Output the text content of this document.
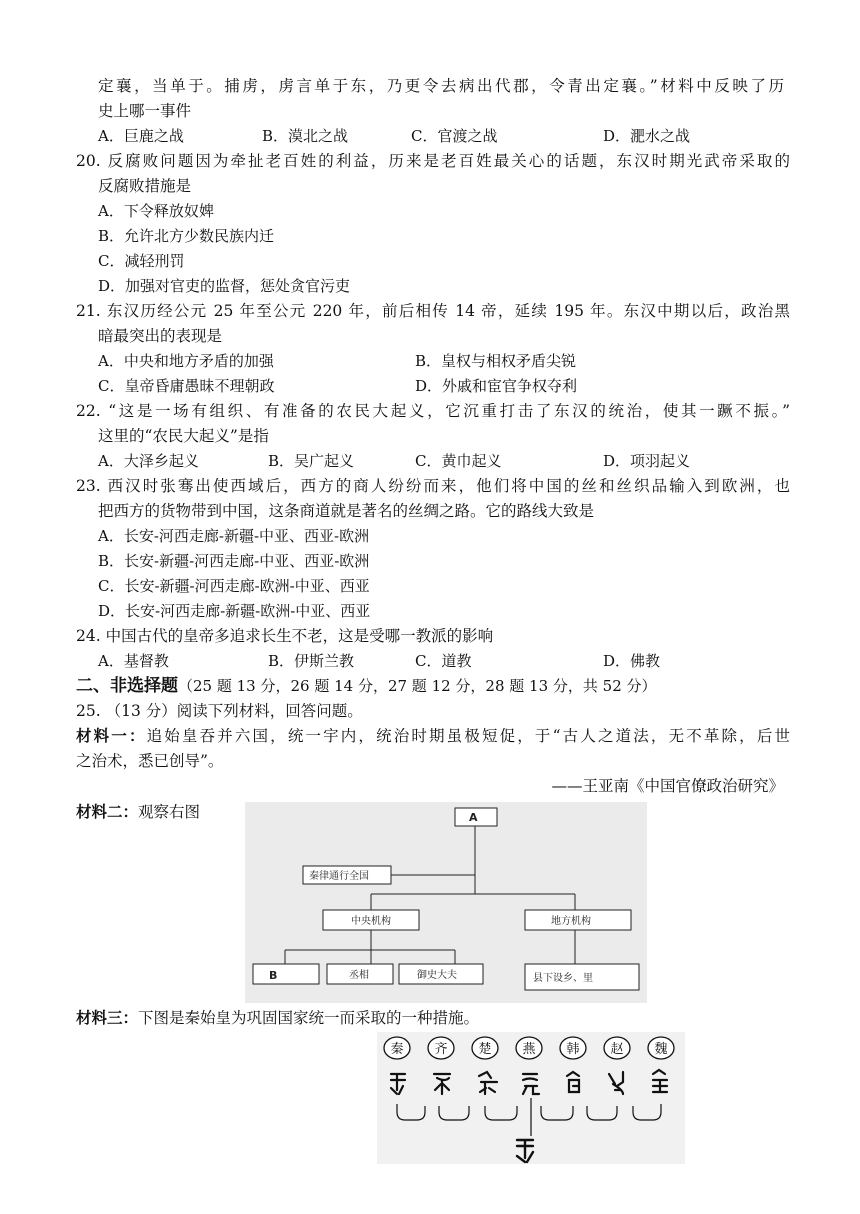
定襄，当单于。捕虏，虏言单于东，乃更令去病出代郡，令青出定襄。”材料中反映了历
史上哪一事件
A．巨鹿之战	B．漠北之战	C．官渡之战	D．淝水之战
20. 反腐败问题因为牵扯老百姓的利益，历来是老百姓最关心的话题，东汉时期光武帝采取的
反腐败措施是
A．下令释放奴婢
B．允许北方少数民族内迁
C．减轻刑罚
D．加强对官吏的监督，惩处贪官污吏
21. 东汉历经公元 25 年至公元 220 年，前后相传 14 帝，延续 195 年。东汉中期以后，政治黑
暗最突出的表现是
A．中央和地方矛盾的加强	B．皇权与相权矛盾尖锐
C．皇帝昏庸愚昧不理朝政	D．外戚和宦官争权夺利
22. “这是一场有组织、有准备的农民大起义，它沉重打击了东汉的统治，使其一蹶不振。”
这里的“农民大起义”是指
A．大泽乡起义	B．吴广起义	C．黄巾起义	D．项羽起义
23. 西汉时张骞出使西域后，西方的商人纷纷而来，他们将中国的丝和丝织品输入到欧洲，也
把西方的货物带到中国，这条商道就是著名的丝绸之路。它的路线大致是
A．长安-河西走廊-新疆-中亚、西亚-欧洲
B．长安-新疆-河西走廊-中亚、西亚-欧洲
C．长安-新疆-河西走廊-欧洲-中亚、西亚
D．长安-河西走廊-新疆-欧洲-中亚、西亚
24. 中国古代的皇帝多追求长生不老，这是受哪一教派的影响
A．基督教	B．伊斯兰教	C．道教	D．佛教
二、非选择题（25 题 13 分，26 题 14 分，27 题 12 分，28 题 13 分，共 52 分）
25. （13 分）阅读下列材料，回答问题。
材料一：追始皇吞并六国，统一宇内，统治时期虽极短促，于“古人之道法，无不革除，后世
之治术，悉已创导”。
——王亚南《中国官僚政治研究》
材料二：观察右图	A
秦律通行全国
中央机构	地方机构
B	丞相	御史大夫	县下设乡、里
材料三：下图是秦始皇为巩固国家统一而采取的一种措施。
秦 齐 楚 燕 韩 赵 魏
